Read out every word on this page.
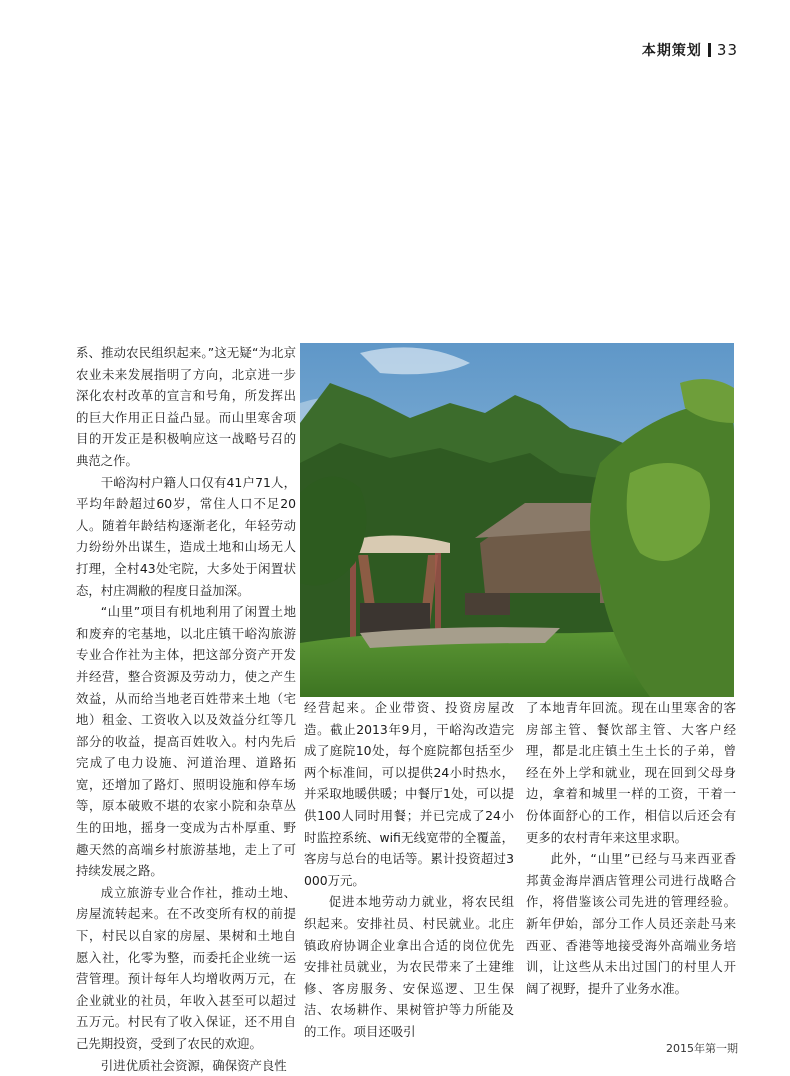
本期策划 33

系、推动农民组织起来。”这无疑“为北京农业未来发展指明了方向，北京进一步深化农村改革的宣言和号角，所发挥出的巨大作用正日益凸显。而山里寒舍项目的开发正是积极响应这一战略号召的典范之作。

干峪沟村户籍人口仅有41户71人，平均年龄超过60岁，常住人口不足20人。随着年龄结构逐渐老化，年轻劳动力纷纷外出谋生，造成土地和山场无人打理，全村43处宅院，大多处于闲置状态，村庄凋敝的程度日益加深。

“山里”项目有机地利用了闲置土地和废弃的宅基地，以北庄镇干峪沟旅游专业合作社为主体，把这部分资产开发并经营，整合资源及劳动力，使之产生效益，从而给当地老百姓带来土地（宅地）租金、工资收入以及效益分红等几部分的收益，提高百姓收入。村内先后完成了电力设施、河道治理、道路拓宽，还增加了路灯、照明设施和停车场等，原本破败不堪的农家小院和杂草丛生的田地，摇身一变成为古朴厚重、野趣天然的高端乡村旅游基地，走上了可持续发展之路。

成立旅游专业合作社，推动土地、房屋流转起来。在不改变所有权的前提下，村民以自家的房屋、果树和土地自愿入社，化零为整，而委托企业统一运营管理。预计每年人均增收两万元，在企业就业的社员，年收入甚至可以超过五万元。村民有了收入保证，还不用自己先期投资，受到了农民的欢迎。

引进优质社会资源，确保资产良性

经营起来。企业带资、投资房屋改造。截止2013年9月，干峪沟改造完成了庭院10处，每个庭院都包括至少两个标准间，可以提供24小时热水，并采取地暖供暖；中餐厅1处，可以提供100人同时用餐；并已完成了24小时监控系统、wifi无线宽带的全覆盖，客房与总台的电话等。累计投资超过3000万元。

促进本地劳动力就业，将农民组织起来。安排社员、村民就业。北庄镇政府协调企业拿出合适的岗位优先安排社员就业，为农民带来了土建维修、客房服务、安保巡逻、卫生保洁、农场耕作、果树管护等力所能及的工作。项目还吸引

了本地青年回流。现在山里寒舍的客房部主管、餐饮部主管、大客户经理，都是北庄镇土生土长的子弟，曾经在外上学和就业，现在回到父母身边，拿着和城里一样的工资，干着一份体面舒心的工作，相信以后还会有更多的农村青年来这里求职。

此外，“山里”已经与马来西亚香邦黄金海岸酒店管理公司进行战略合作，将借鉴该公司先进的管理经验。新年伊始，部分工作人员还亲赴马来西亚、香港等地接受海外高端业务培训，让这些从未出过国门的村里人开阔了视野，提升了业务水准。

2015年第一期
